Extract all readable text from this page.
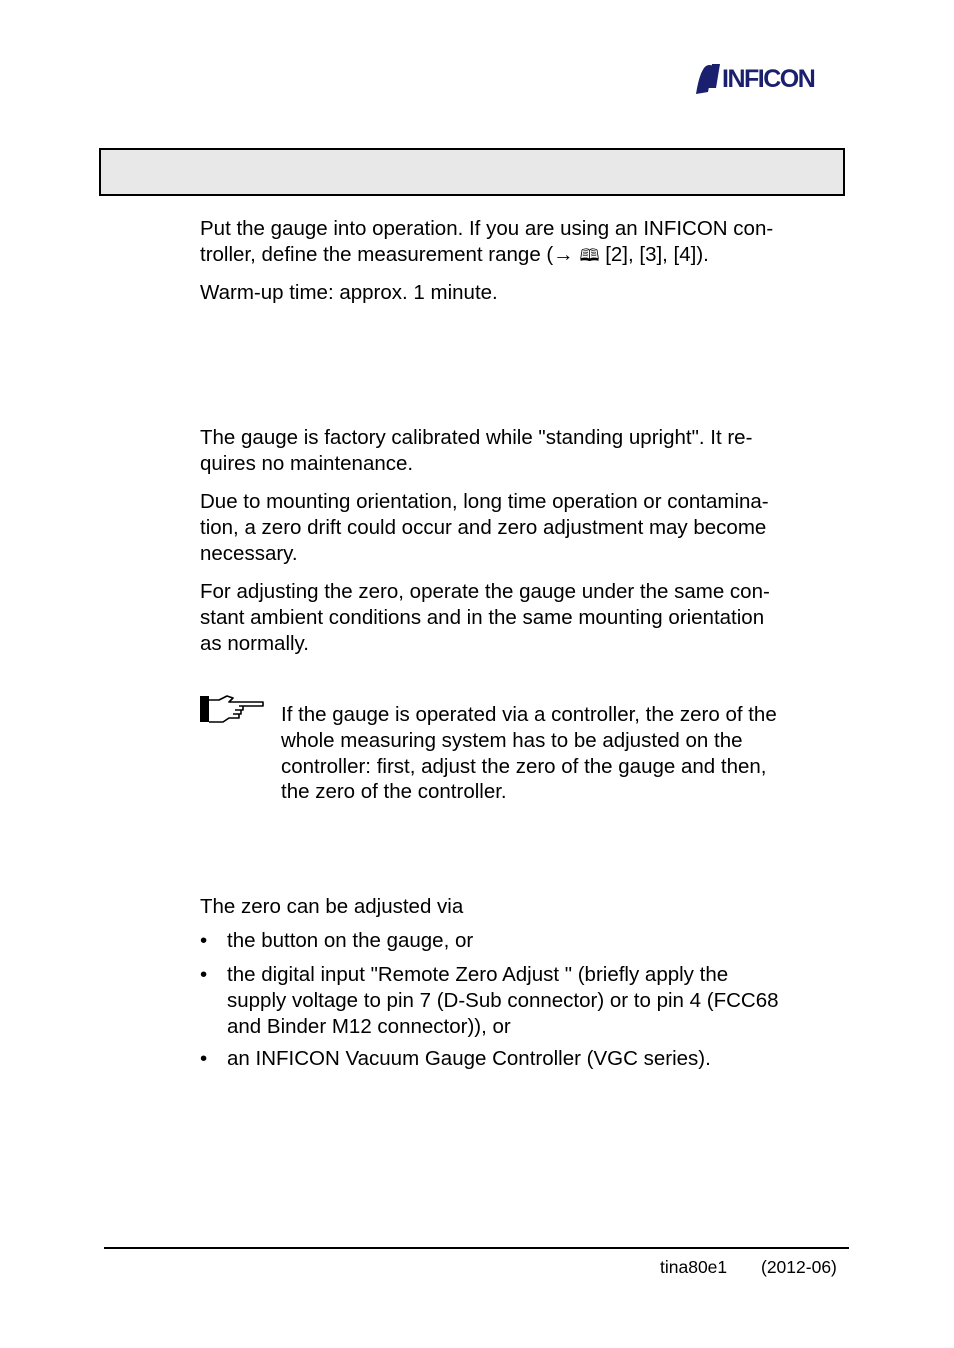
INFICON

Put the gauge into operation. If you are using an INFICON con-
troller, define the measurement range (→ 🕮 [2], [3], [4]).

Warm-up time: approx. 1 minute.

The gauge is factory calibrated while "standing upright". It re-
quires no maintenance.

Due to mounting orientation, long time operation or contamina-
tion, a zero drift could occur and zero adjustment may become
necessary.

For adjusting the zero, operate the gauge under the same con-
stant ambient conditions and in the same mounting orientation
as normally.

If the gauge is operated via a controller, the zero of the
whole measuring system has to be adjusted on the
controller: first, adjust the zero of the gauge and then,
the zero of the controller.

The zero can be adjusted via

• the button on the gauge, or

• the digital input "Remote Zero Adjust " (briefly apply the
supply voltage to pin 7 (D-Sub connector) or to pin 4 (FCC68
and Binder M12 connector)), or

• an INFICON Vacuum Gauge Controller (VGC series).

tina80e1 (2012-06)
